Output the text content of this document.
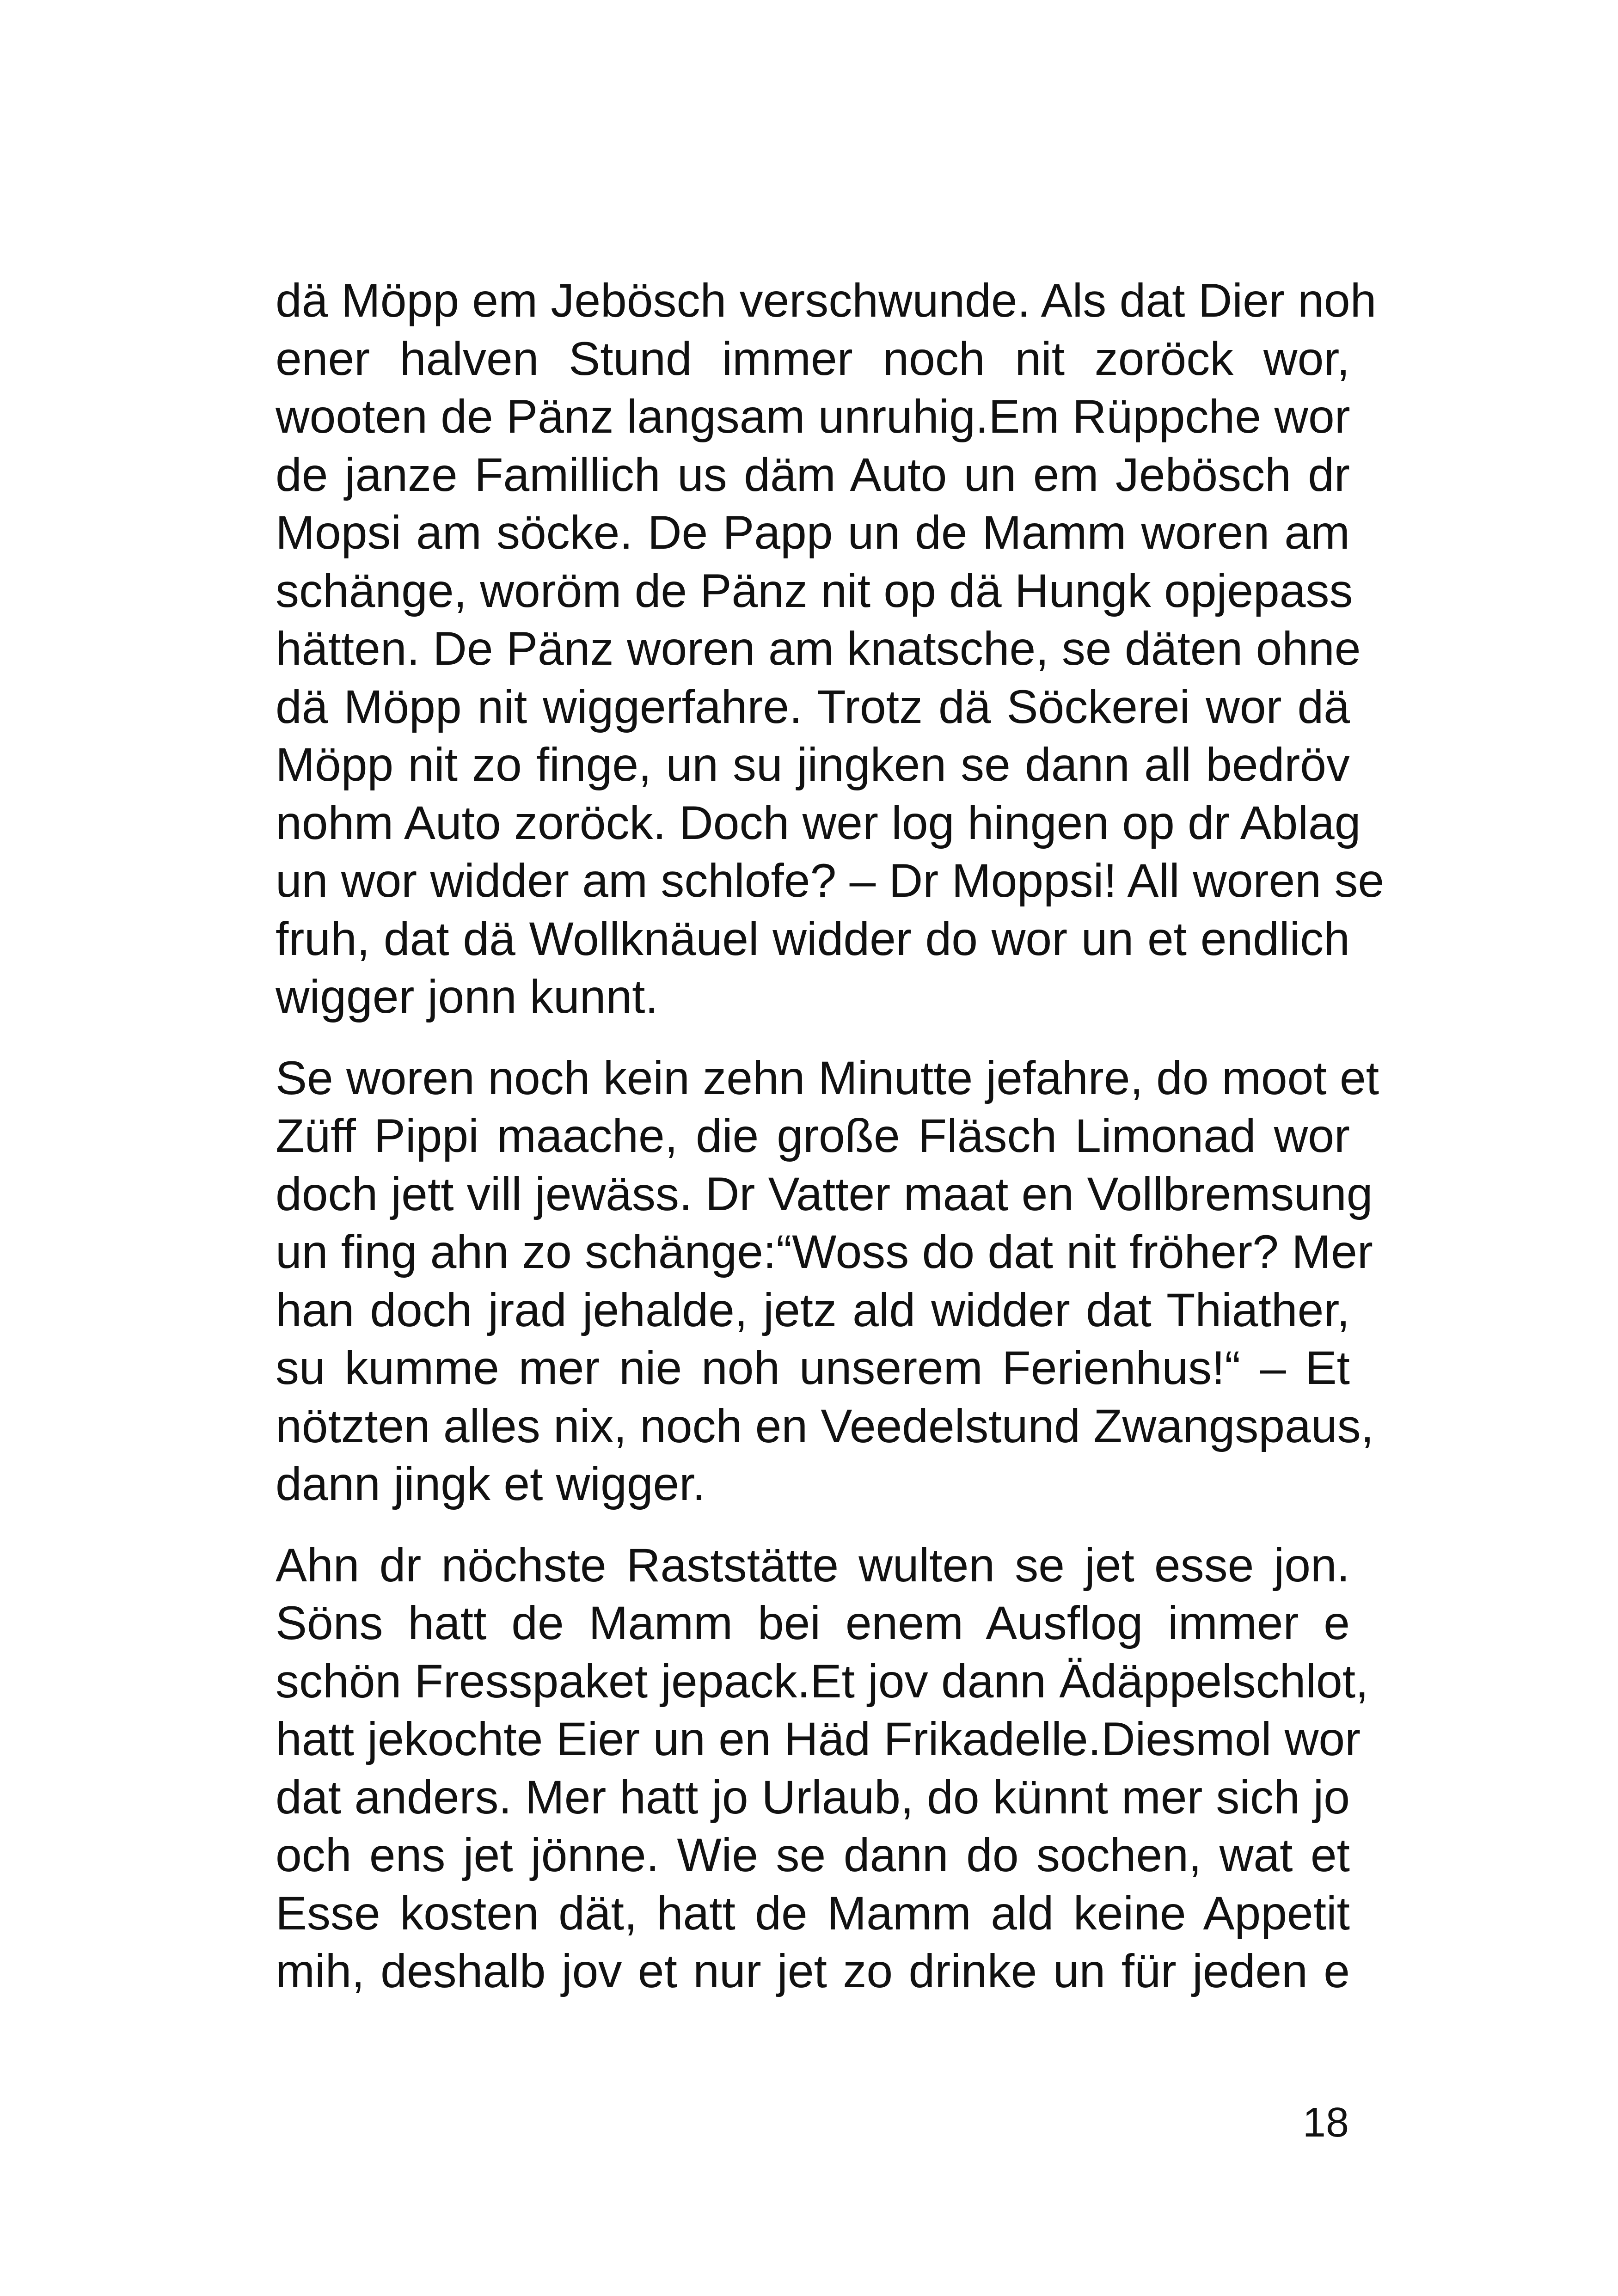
dä Möpp em Jebösch verschwunde. Als dat Dier noh
ener halven Stund immer noch nit zoröck wor,
wooten de Pänz langsam unruhig.Em Rüppche wor
de janze Famillich us däm Auto un em Jebösch dr
Mopsi am söcke. De Papp un de Mamm woren am
schänge, woröm de Pänz nit op dä Hungk opjepass
hätten. De Pänz woren am knatsche, se däten ohne
dä Möpp nit wiggerfahre. Trotz dä Söckerei wor dä
Möpp nit zo finge, un su jingken se dann all bedröv
nohm Auto zoröck. Doch wer log hingen op dr Ablag
un wor widder am schlofe? – Dr Moppsi! All woren se
fruh, dat dä Wollknäuel widder do wor un et endlich
wigger jonn kunnt.
Se woren noch kein zehn Minutte jefahre, do moot et
Züff Pippi maache, die große Fläsch Limonad wor
doch jett vill jewäss. Dr Vatter maat en Vollbremsung
un fing ahn zo schänge:“Woss do dat nit fröher? Mer
han doch jrad jehalde, jetz ald widder dat Thiather,
su kumme mer nie noh unserem Ferienhus!“ – Et
nötzten alles nix, noch en Veedelstund Zwangspaus,
dann jingk et wigger.
Ahn dr nöchste Raststätte wulten se jet esse jon.
Söns hatt de Mamm bei enem Ausflog immer e
schön Fresspaket jepack.Et jov dann Ädäppelschlot,
hatt jekochte Eier un en Häd Frikadelle.Diesmol wor
dat anders. Mer hatt jo Urlaub, do künnt mer sich jo
och ens jet jönne. Wie se dann do sochen, wat et
Esse kosten dät, hatt de Mamm ald keine Appetit
mih, deshalb jov et nur jet zo drinke un für jeden e
18
